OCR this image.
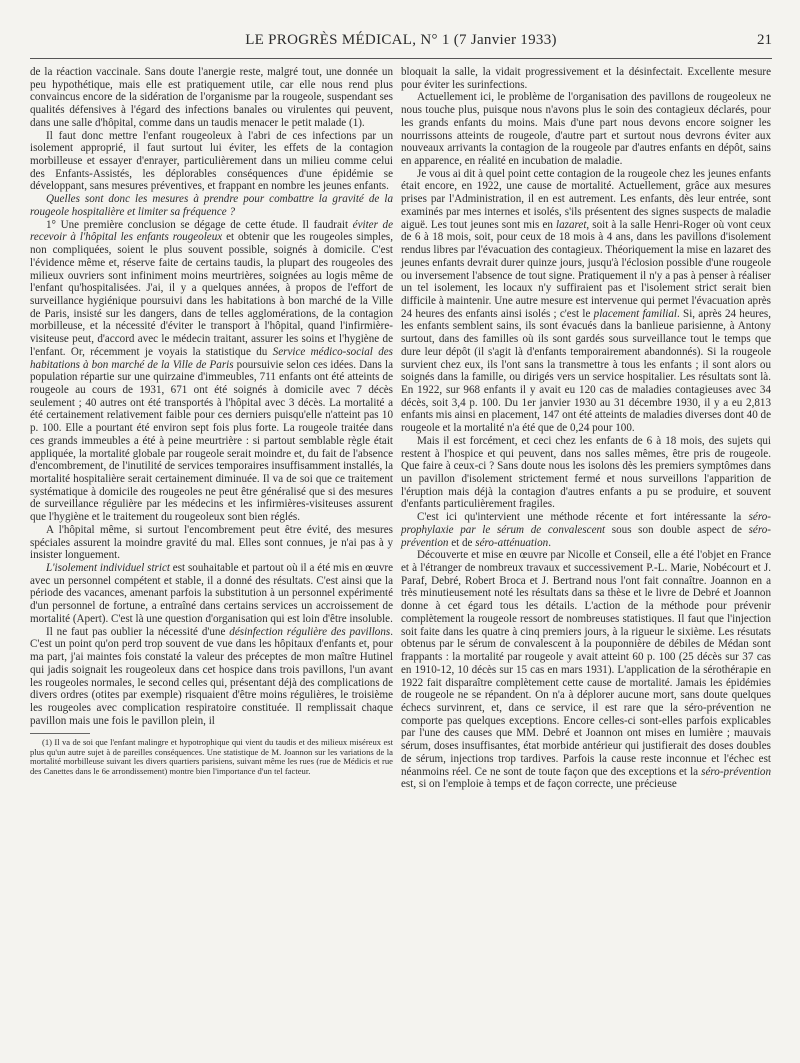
LE PROGRÈS MÉDICAL, N° 1 (7 Janvier 1933)	21

de la réaction vaccinale. Sans doute l'anergie reste, malgré tout, une donnée un peu hypothétique, mais elle est pratiquement utile, car elle nous rend plus convaincus encore de la sidération de l'organisme par la rougeole, suspendant ses qualités défensives à l'égard des infections banales ou virulentes qui peuvent, dans une salle d'hôpital, comme dans un taudis menacer le petit malade (1).

Il faut donc mettre l'enfant rougeoleux à l'abri de ces infections par un isolement approprié, il faut surtout lui éviter, les effets de la contagion morbilleuse et essayer d'enrayer, particulièrement dans un milieu comme celui des Enfants-Assistés, les déplorables conséquences d'une épidémie se développant, sans mesures préventives, et frappant en nombre les jeunes enfants.

Quelles sont donc les mesures à prendre pour combattre la gravité de la rougeole hospitalière et limiter sa fréquence ?

1° Une première conclusion se dégage de cette étude. Il faudrait éviter de recevoir à l'hôpital les enfants rougeoleux et obtenir que les rougeoles simples, non compliquées, soient le plus souvent possible, soignés à domicile. C'est l'évidence même et, réserve faite de certains taudis, la plupart des rougeoles des milieux ouvriers sont infiniment moins meurtrières, soignées au logis même de l'enfant qu'hospitalisées. J'ai, il y a quelques années, à propos de l'effort de surveillance hygiénique poursuivi dans les habitations à bon marché de la Ville de Paris, insisté sur les dangers, dans de telles agglomérations, de la contagion morbilleuse, et la nécessité d'éviter le transport à l'hôpital, quand l'infirmière-visiteuse peut, d'accord avec le médecin traitant, assurer les soins et l'hygiène de l'enfant. Or, récemment je voyais la statistique du Service médico-social des habitations à bon marché de la Ville de Paris poursuivie selon ces idées. Dans la population répartie sur une quirzaine d'immeubles, 711 enfants ont été atteints de rougeole au cours de 1931, 671 ont été soignés à domicile avec 7 décès seulement ; 40 autres ont été transportés à l'hôpital avec 3 décès. La mortalité a été certainement relativement faible pour ces derniers puisqu'elle n'atteint pas 10 p. 100. Elle a pourtant été environ sept fois plus forte. La rougeole traitée dans ces grands immeubles a été à peine meurtrière : si partout semblable règle était appliquée, la mortalité globale par rougeole serait moindre et, du fait de l'absence d'encombrement, de l'inutilité de services temporaires insuffisamment installés, la mortalité hospitalière serait certainement diminuée. Il va de soi que ce traitement systématique à domicile des rougeoles ne peut être généralisé que si des mesures de surveillance régulière par les médecins et les infirmières-visiteuses assurent que l'hygiène et le traitement du rougeoleux sont bien réglés.

A l'hôpital même, si surtout l'encombrement peut être évité, des mesures spéciales assurent la moindre gravité du mal. Elles sont connues, je n'ai pas à y insister longuement.

L'isolement individuel strict est souhaitable et partout où il a été mis en œuvre avec un personnel compétent et stable, il a donné des résultats. C'est ainsi que la période des vacances, amenant parfois la substitution à un personnel expérimenté d'un personnel de fortune, a entraîné dans certains services un accroissement de mortalité (Apert). C'est là une question d'organisation qui est loin d'être insoluble.

Il ne faut pas oublier la nécessité d'une désinfection régulière des pavillons. C'est un point qu'on perd trop souvent de vue dans les hôpitaux d'enfants et, pour ma part, j'ai maintes fois constaté la valeur des préceptes de mon maître Hutinel qui jadis soignait les rougeoleux dans cet hospice dans trois pavillons, l'un avant les rougeoles normales, le second celles qui, présentant déjà des complications de divers ordres (otites par exemple) risquaient d'être moins régulières, le troisième les rougeoles avec complication respiratoire constituée. Il remplissait chaque pavillon mais une fois le pavillon plein, il

(1) Il va de soi que l'enfant malingre et hypotrophique qui vient du taudis et des milieux miséreux est plus qu'un autre sujet à de pareilles conséquences. Une statistique de M. Joannon sur les variations de la mortalité morbilleuse suivant les divers quartiers parisiens, suivant même les rues (rue de Médicis et rue des Canettes dans le 6e arrondissement) montre bien l'importance d'un tel facteur.

bloquait la salle, la vidait progressivement et la désinfectait. Excellente mesure pour éviter les surinfections.

Actuellement ici, le problème de l'organisation des pavillons de rougeoleux ne nous touche plus, puisque nous n'avons plus le soin des contagieux déclarés, pour les grands enfants du moins. Mais d'une part nous devons encore soigner les nourrissons atteints de rougeole, d'autre part et surtout nous devrons éviter aux nouveaux arrivants la contagion de la rougeole par d'autres enfants en dépôt, sains en apparence, en réalité en incubation de maladie.

Je vous ai dit à quel point cette contagion de la rougeole chez les jeunes enfants était encore, en 1922, une cause de mortalité. Actuellement, grâce aux mesures prises par l'Administration, il en est autrement. Les enfants, dès leur entrée, sont examinés par mes internes et isolés, s'ils présentent des signes suspects de maladie aiguë. Les tout jeunes sont mis en lazaret, soit à la salle Henri-Roger où vont ceux de 6 à 18 mois, soit, pour ceux de 18 mois à 4 ans, dans les pavillons d'isolement rendus libres par l'évacuation des contagieux. Théoriquement la mise en lazaret des jeunes enfants devrait durer quinze jours, jusqu'à l'éclosion possible d'une rougeole ou inversement l'absence de tout signe. Pratiquement il n'y a pas à penser à réaliser un tel isolement, les locaux n'y suffiraient pas et l'isolement strict serait bien difficile à maintenir. Une autre mesure est intervenue qui permet l'évacuation après 24 heures des enfants ainsi isolés ; c'est le placement familial. Si, après 24 heures, les enfants semblent sains, ils sont évacués dans la banlieue parisienne, à Antony surtout, dans des familles où ils sont gardés sous surveillance tout le temps que dure leur dépôt (il s'agit là d'enfants temporairement abandonnés). Si la rougeole survient chez eux, ils l'ont sans la transmettre à tous les enfants ; il sont alors ou soignés dans la famille, ou dirigés vers un service hospitalier. Les résultats sont là. En 1922, sur 968 enfants il y avait eu 120 cas de maladies contagieuses avec 34 décès, soit 3,4 p. 100. Du 1er janvier 1930 au 31 décembre 1930, il y a eu 2,813 enfants mis ainsi en placement, 147 ont été atteints de maladies diverses dont 40 de rougeole et la mortalité n'a été que de 0,24 pour 100.

Mais il est forcément, et ceci chez les enfants de 6 à 18 mois, des sujets qui restent à l'hospice et qui peuvent, dans nos salles mêmes, être pris de rougeole. Que faire à ceux-ci ? Sans doute nous les isolons dès les premiers symptômes dans un pavillon d'isolement strictement fermé et nous surveillons l'apparition de l'éruption mais déjà la contagion d'autres enfants a pu se produire, et souvent d'enfants particulièrement fragiles.

C'est ici qu'intervient une méthode récente et fort intéressante la séro-prophylaxie par le sérum de convalescent sous son double aspect de séro-prévention et de séro-atténuation.

Découverte et mise en œuvre par Nicolle et Conseil, elle a été l'objet en France et à l'étranger de nombreux travaux et successivement P.-L. Marie, Nobécourt et J. Paraf, Debré, Robert Broca et J. Bertrand nous l'ont fait connaître. Joannon en a très minutieusement noté les résultats dans sa thèse et le livre de Debré et Joannon donne à cet égard tous les détails. L'action de la méthode pour prévenir complètement la rougeole ressort de nombreuses statistiques. Il faut que l'injection soit faite dans les quatre à cinq premiers jours, à la rigueur le sixième. Les résutats obtenus par le sérum de convalescent à la pouponnière de débiles de Médan sont frappants : la mortalité par rougeole y avait atteint 60 p. 100 (25 décès sur 37 cas en 1910-12, 10 décès sur 15 cas en mars 1931). L'application de la sérothérapie en 1922 fait disparaître complètement cette cause de mortalité. Jamais les épidémies de rougeole ne se répandent. On n'a à déplorer aucune mort, sans doute quelques échecs survinrent, et, dans ce service, il est rare que la séro-prévention ne comporte pas quelques exceptions. Encore celles-ci sont-elles parfois explicables par l'une des causes que MM. Debré et Joannon ont mises en lumière ; mauvais sérum, doses insuffisantes, état morbide antérieur qui justifierait des doses doubles de sérum, injections trop tardives. Parfois la cause reste inconnue et l'échec est néanmoins réel. Ce ne sont de toute façon que des exceptions et la séro-prévention est, si on l'emploie à temps et de façon correcte, une précieuse
